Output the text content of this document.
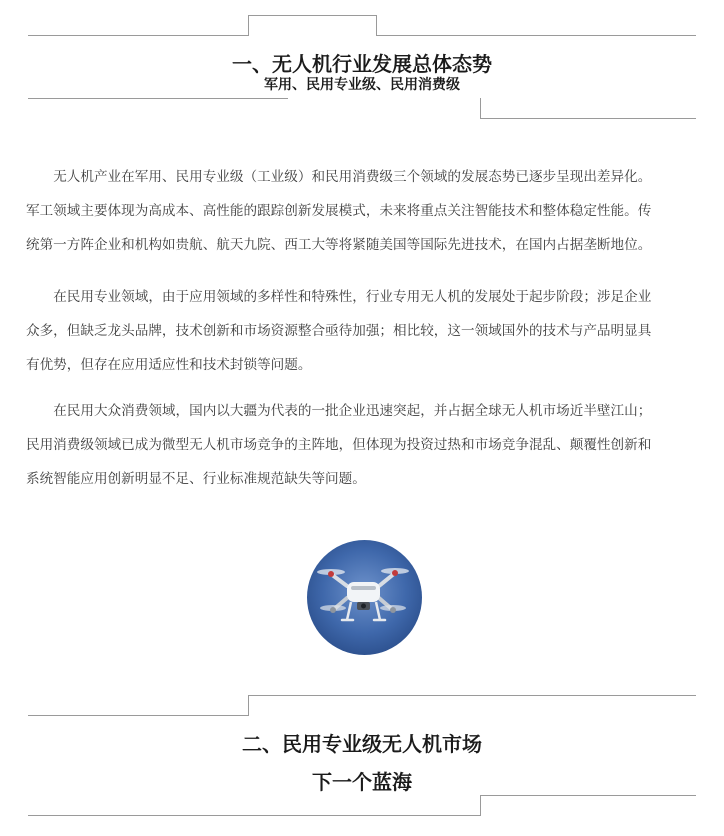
一、无人机行业发展总体态势
军用、民用专业级、民用消费级

无人机产业在军用、民用专业级（工业级）和民用消费级三个领域的发展态势已逐步呈现出差异化。
军工领域主要体现为高成本、高性能的跟踪创新发展模式，未来将重点关注智能技术和整体稳定性能。传
统第一方阵企业和机构如贵航、航天九院、西工大等将紧随美国等国际先进技术，在国内占据垄断地位。

在民用专业领域，由于应用领域的多样性和特殊性，行业专用无人机的发展处于起步阶段；涉足企业
众多，但缺乏龙头品牌，技术创新和市场资源整合亟待加强；相比较，这一领域国外的技术与产品明显具
有优势，但存在应用适应性和技术封锁等问题。

在民用大众消费领域，国内以大疆为代表的一批企业迅速突起，并占据全球无人机市场近半壁江山；
民用消费级领域已成为微型无人机市场竞争的主阵地，但体现为投资过热和市场竞争混乱、颠覆性创新和
系统智能应用创新明显不足、行业标准规范缺失等问题。

二、民用专业级无人机市场
下一个蓝海
